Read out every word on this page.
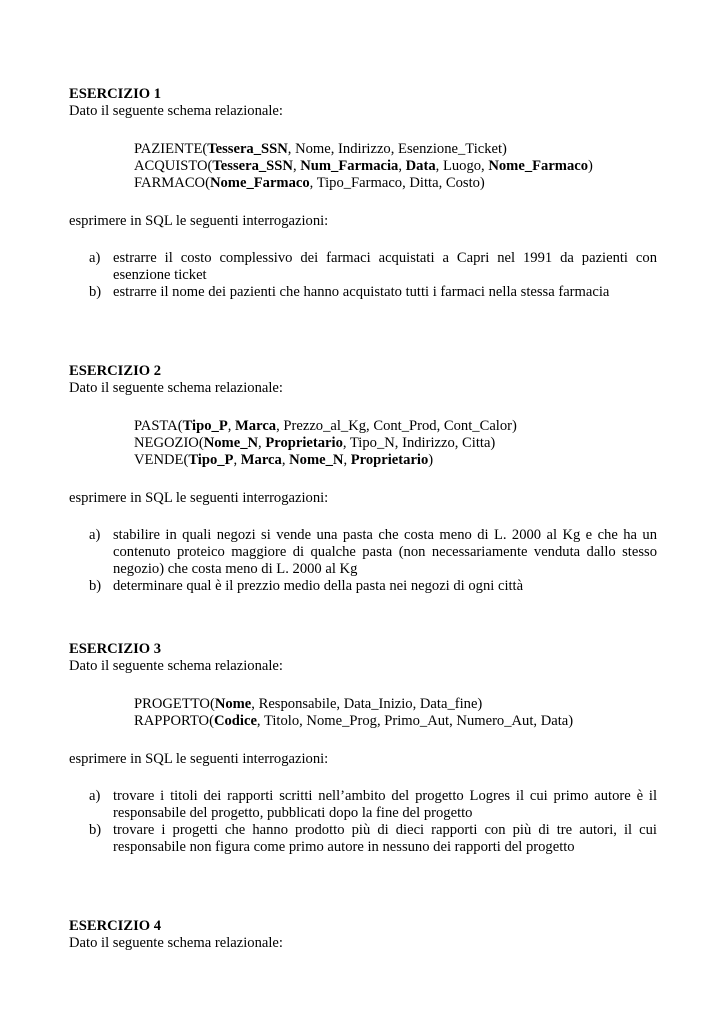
ESERCIZIO 1

Dato il seguente schema relazionale:

PAZIENTE(Tessera_SSN, Nome, Indirizzo, Esenzione_Ticket)
ACQUISTO(Tessera_SSN, Num_Farmacia, Data, Luogo, Nome_Farmaco)
FARMACO(Nome_Farmaco, Tipo_Farmaco, Ditta, Costo)

esprimere in SQL le seguenti interrogazioni:

a) estrarre il costo complessivo dei farmaci acquistati a Capri nel 1991 da pazienti con esenzione ticket
b) estrarre il nome dei pazienti che hanno acquistato tutti i farmaci nella stessa farmacia

ESERCIZIO 2

Dato il seguente schema relazionale:

PASTA(Tipo_P, Marca, Prezzo_al_Kg, Cont_Prod, Cont_Calor)
NEGOZIO(Nome_N, Proprietario, Tipo_N, Indirizzo, Citta)
VENDE(Tipo_P, Marca, Nome_N, Proprietario)

esprimere in SQL le seguenti interrogazioni:

a) stabilire in quali negozi si vende una pasta che costa meno di L. 2000 al Kg e che ha un contenuto proteico maggiore di qualche pasta (non necessariamente venduta dallo stesso negozio) che costa meno di L. 2000 al Kg
b) determinare qual è il prezzio medio della pasta nei negozi di ogni città

ESERCIZIO 3

Dato il seguente schema relazionale:

PROGETTO(Nome, Responsabile, Data_Inizio, Data_fine)
RAPPORTO(Codice, Titolo, Nome_Prog, Primo_Aut, Numero_Aut, Data)

esprimere in SQL le seguenti interrogazioni:

a) trovare i titoli dei rapporti scritti nell’ambito del progetto Logres il cui primo autore è il responsabile del progetto, pubblicati dopo la fine del progetto
b) trovare i progetti che hanno prodotto più di dieci rapporti con più di tre autori, il cui responsabile non figura come primo autore in nessuno dei rapporti del progetto

ESERCIZIO 4

Dato il seguente schema relazionale:
